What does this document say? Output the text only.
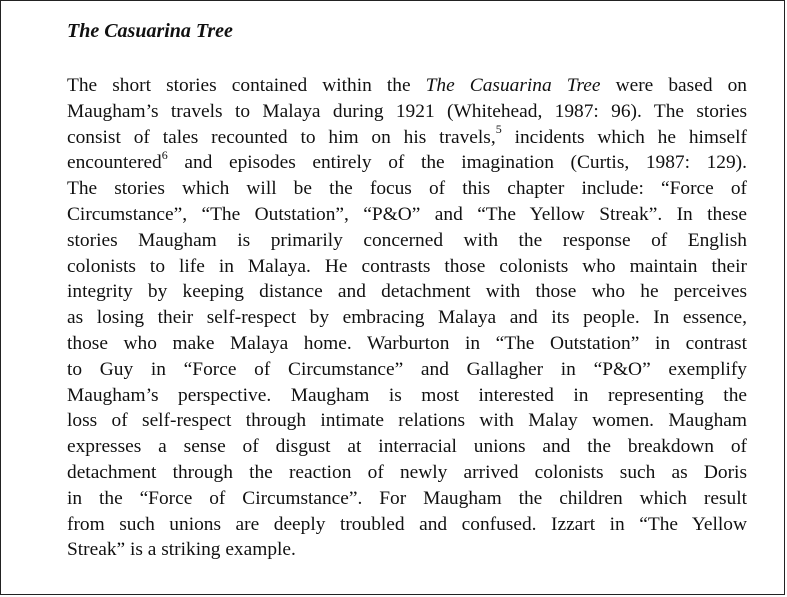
The Casuarina Tree
The short stories contained within the The Casuarina Tree were based on
Maugham’s travels to Malaya during 1921 (Whitehead, 1987: 96). The stories
consist of tales recounted to him on his travels,$^5$ incidents which he himself
encountered$^6$ and episodes entirely of the imagination (Curtis, 1987: 129).
The stories which will be the focus of this chapter include: “Force of
Circumstance”, “The Outstation”, “P&O” and “The Yellow Streak”. In these
stories Maugham is primarily concerned with the response of English
colonists to life in Malaya. He contrasts those colonists who maintain their
integrity by keeping distance and detachment with those who he perceives
as losing their self-respect by embracing Malaya and its people. In essence,
those who make Malaya home. Warburton in “The Outstation” in contrast
to Guy in “Force of Circumstance” and Gallagher in “P&O” exemplify
Maugham’s perspective. Maugham is most interested in representing the
loss of self-respect through intimate relations with Malay women. Maugham
expresses a sense of disgust at interracial unions and the breakdown of
detachment through the reaction of newly arrived colonists such as Doris
in the “Force of Circumstance”. For Maugham the children which result
from such unions are deeply troubled and confused. Izzart in “The Yellow
Streak” is a striking example.
